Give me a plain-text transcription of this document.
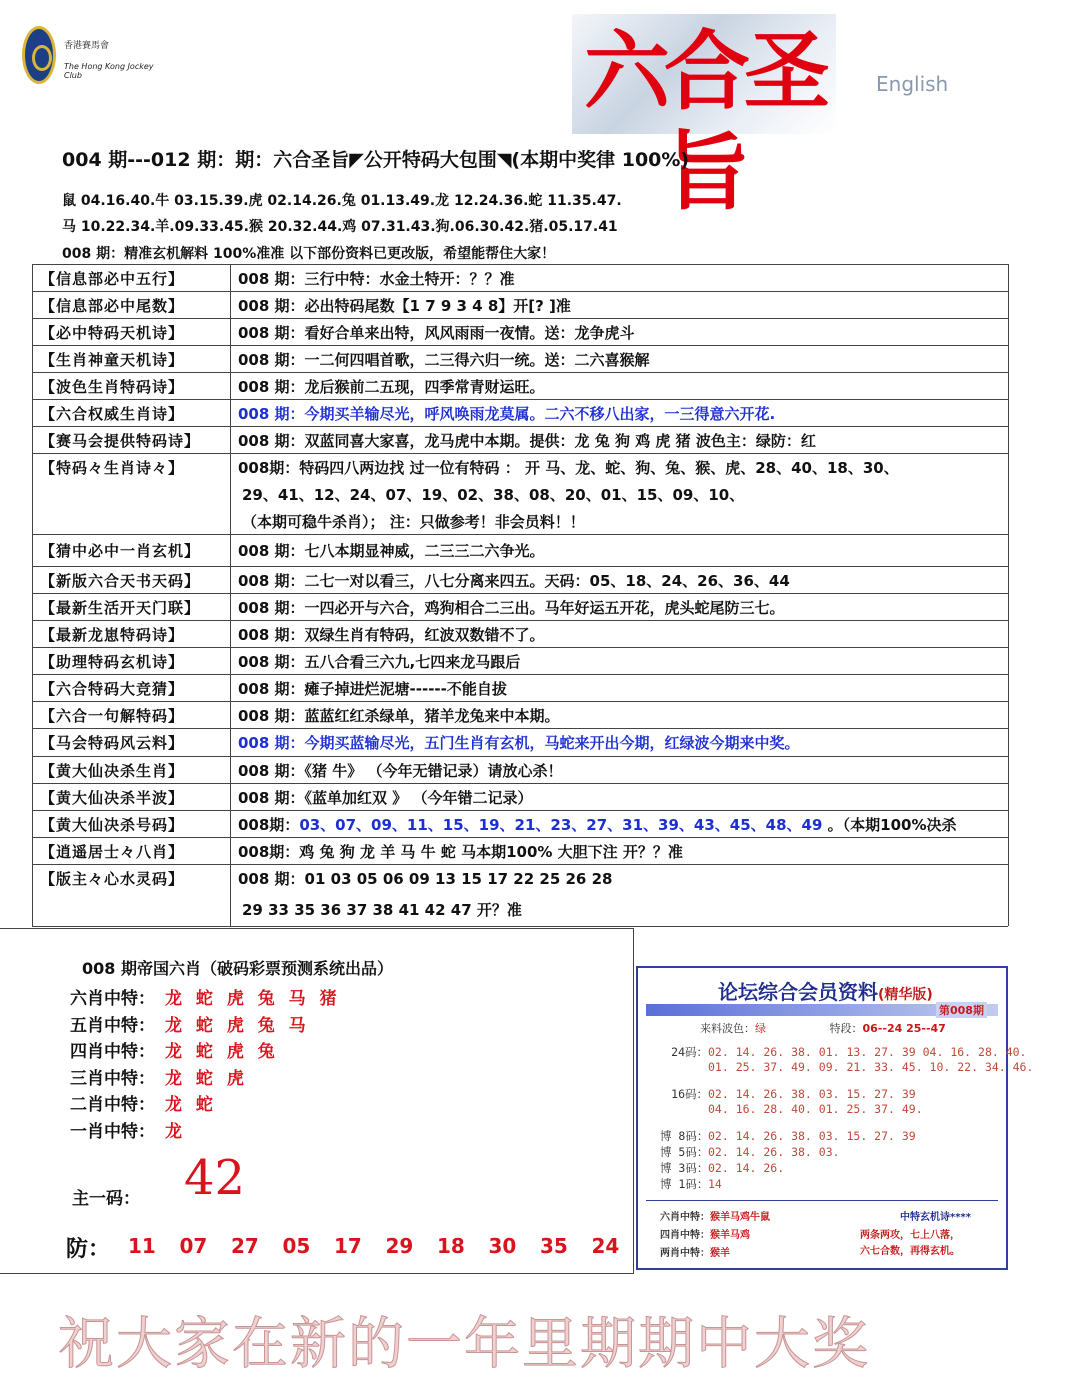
香港賽馬會
The Hong Kong Jockey Club	六合圣旨
English
004 期---012 期：期：六合圣旨◤公开特码大包围◥(本期中奖律 100%)
鼠 04.16.40.牛 03.15.39.虎 02.14.26.兔 01.13.49.龙 12.24.36.蛇 11.35.47.
马 10.22.34.羊.09.33.45.猴 20.32.44.鸡 07.31.43.狗.06.30.42.猪.05.17.41
008 期：精准玄机解料 100%准准 以下部份资料已更改版，希望能帮住大家！
【信息部必中五行】	008 期：三行中特：水金土特开：？？准
【信息部必中尾数】	008 期：必出特码尾数【1 7 9 3 4 8】开[? ]准
【必中特码天机诗】	008 期：看好合单来出特，风风雨雨一夜情。送：龙争虎斗
【生肖神童天机诗】	008 期：一二何四唱首歌，二三得六归一统。送：二六喜猴解
【波色生肖特码诗】	008 期：龙后猴前二五现，四季常青财运旺。
【六合权威生肖诗】	008 期：今期买羊输尽光，呼风唤雨龙莫属。二六不移八出家，一三得意六开花.
【赛马会提供特码诗】	008 期：双蓝同喜大家喜，龙马虎中本期。提供：龙 兔 狗 鸡 虎 猪 波色主：绿防：红
【特码々生肖诗々】	008期：特码四八两边找 过一位有特码 ： 开 马、龙、蛇、狗、兔、猴、虎、28、40、18、30、
29、41、12、24、07、19、02、38、08、20、01、15、09、10、
（本期可稳牛杀肖）； 注：只做参考！非会员料！！
【猜中必中一肖玄机】	008 期：七八本期显神威，二三三二六争光。
【新版六合天书天码】	008 期：二七一对以看三，八七分离来四五。天码：05、18、24、26、36、44
【最新生活开天门联】	008 期：一四必开与六合，鸡狗相合二三出。马年好运五开花，虎头蛇尾防三七。
【最新龙崽特码诗】	008 期：双绿生肖有特码，红波双数错不了。
【助理特码玄机诗】	008 期：五八合看三六九,七四来龙马跟后
【六合特码大竞猜】	008 期：瘫子掉进烂泥塘------不能自拔
【六合一句解特码】	008 期：蓝蓝红红杀绿单，猪羊龙兔来中本期。
【马会特码风云料】	008 期：今期买蓝输尽光，五门生肖有玄机，马蛇来开出今期，红绿波今期来中奖。
【黄大仙决杀生肖】	008 期：《猪 牛》 （今年无错记录）请放心杀！
【黄大仙决杀半波】	008 期：《蓝单加红双 》 （今年错二记录）
【黄大仙决杀号码】	008期：03、07、09、11、15、19、21、23、27、31、39、43、45、48、49 。（本期100%决杀
【逍遥居士々八肖】	008期：鸡 兔 狗 龙 羊 马 牛 蛇 马本期100% 大胆下注 开？？准
【版主々心水灵码】	008 期：01 03 05 06 09 13 15 17 22 25 26 28
29 33 35 36 37 38 41 42 47 开？准
008 期帝国六肖（破码彩票预测系统出品）
六肖中特： 龙 蛇 虎 兔 马 猪
五肖中特： 龙 蛇 虎 兔 马
四肖中特： 龙 蛇 虎 兔
三肖中特： 龙 蛇 虎
二肖中特： 龙 蛇
一肖中特： 龙
主一码： 42
防： 11 07 27 05 17 29 18 30 35 24
论坛综合会员资料(精华版)
第008期
来料波色：绿	特段：06--24 25--47
24码：02. 14. 26. 38. 01. 13. 27. 39 04. 16. 28. 40.
01. 25. 37. 49. 09. 21. 33. 45. 10. 22. 34. 46.
16码：02. 14. 26. 38. 03. 15. 27. 39
04. 16. 28. 40. 01. 25. 37. 49.
博 8码：02. 14. 26. 38. 03. 15. 27. 39
博 5码：02. 14. 26. 38. 03.
博 3码：02. 14. 26.
博 1码：14
六肖中特：猴羊马鸡牛鼠
四肖中特：猴羊马鸡
两肖中特：猴羊
中特玄机诗****
两条两攻，七上八落，
六七合数，再得玄机。
祝大家在新的一年里期期中大奖
